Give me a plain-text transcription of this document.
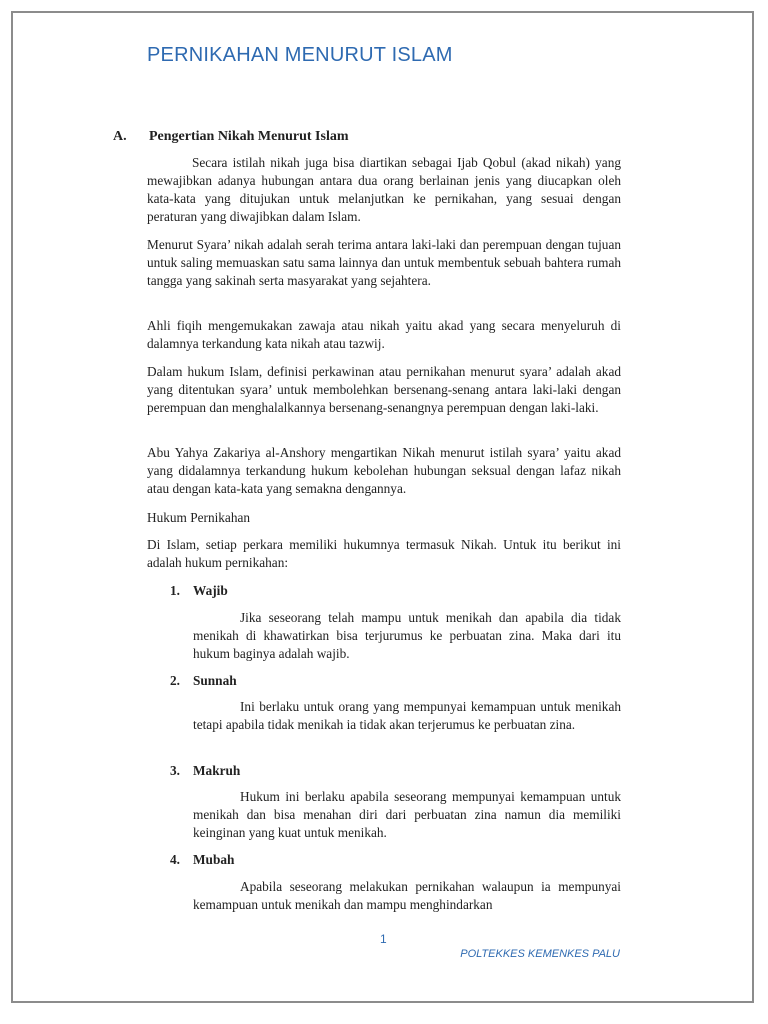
PERNIKAHAN MENURUT ISLAM
A. Pengertian Nikah Menurut Islam

Secara istilah nikah juga bisa diartikan sebagai Ijab Qobul (akad nikah) yang mewajibkan adanya hubungan antara dua orang berlainan jenis yang diucapkan oleh kata-kata yang ditujukan untuk melanjutkan ke pernikahan, yang sesuai dengan peraturan yang diwajibkan dalam Islam.

Menurut Syara’ nikah adalah serah terima antara laki-laki dan perempuan dengan tujuan untuk saling memuaskan satu sama lainnya dan untuk membentuk sebuah bahtera rumah tangga yang sakinah serta masyarakat yang sejahtera.

Ahli fiqih mengemukakan zawaja atau nikah yaitu akad yang secara menyeluruh di dalamnya terkandung kata nikah atau tazwij.

Dalam hukum Islam, definisi perkawinan atau pernikahan menurut syara’ adalah akad yang ditentukan syara’ untuk membolehkan bersenang-senang antara laki-laki dengan perempuan dan menghalalkannya bersenang-senangnya perempuan dengan laki-laki.

Abu Yahya Zakariya al-Anshory mengartikan Nikah menurut istilah syara’ yaitu akad yang didalamnya terkandung hukum kebolehan hubungan seksual dengan lafaz nikah atau dengan kata-kata yang semakna dengannya.

Hukum Pernikahan

Di Islam, setiap perkara memiliki hukumnya termasuk Nikah. Untuk itu berikut ini adalah hukum pernikahan:

1. Wajib

Jika seseorang telah mampu untuk menikah dan apabila dia tidak menikah di khawatirkan bisa terjurumus ke perbuatan zina. Maka dari itu hukum baginya adalah wajib.

2. Sunnah

Ini berlaku untuk orang yang mempunyai kemampuan untuk menikah tetapi apabila tidak menikah ia tidak akan terjerumus ke perbuatan zina.

3. Makruh

Hukum ini berlaku apabila seseorang mempunyai kemampuan untuk menikah dan bisa menahan diri dari perbuatan zina namun dia memiliki keinginan yang kuat untuk menikah.

4. Mubah

Apabila seseorang melakukan pernikahan walaupun ia mempunyai kemampuan untuk menikah dan mampu menghindarkan

1
POLTEKKES KEMENKES PALU
